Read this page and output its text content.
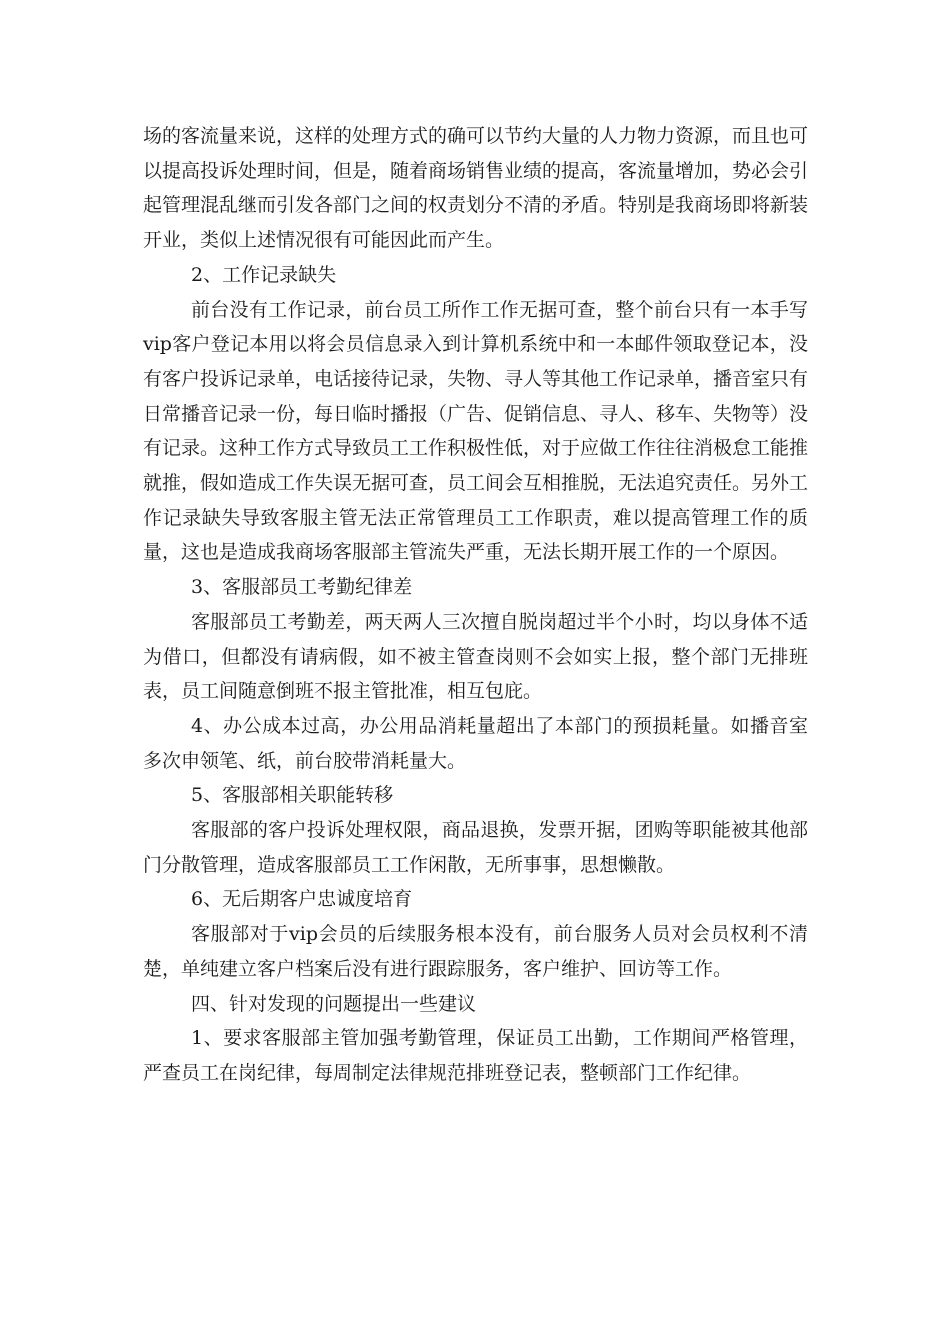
场的客流量来说，这样的处理方式的确可以节约大量的人力物力资源，而且也可以提高投诉处理时间，但是，随着商场销售业绩的提高，客流量增加，势必会引起管理混乱继而引发各部门之间的权责划分不清的矛盾。特别是我商场即将新装开业，类似上述情况很有可能因此而产生。

2、工作记录缺失

前台没有工作记录，前台员工所作工作无据可查，整个前台只有一本手写vip客户登记本用以将会员信息录入到计算机系统中和一本邮件领取登记本，没有客户投诉记录单，电话接待记录，失物、寻人等其他工作记录单，播音室只有日常播音记录一份，每日临时播报（广告、促销信息、寻人、移车、失物等）没有记录。这种工作方式导致员工工作积极性低，对于应做工作往往消极怠工能推就推，假如造成工作失误无据可查，员工间会互相推脱，无法追究责任。另外工作记录缺失导致客服主管无法正常管理员工工作职责，难以提高管理工作的质量，这也是造成我商场客服部主管流失严重，无法长期开展工作的一个原因。

3、客服部员工考勤纪律差

客服部员工考勤差，两天两人三次擅自脱岗超过半个小时，均以身体不适为借口，但都没有请病假，如不被主管查岗则不会如实上报，整个部门无排班表，员工间随意倒班不报主管批准，相互包庇。

4、办公成本过高，办公用品消耗量超出了本部门的预损耗量。如播音室多次申领笔、纸，前台胶带消耗量大。

5、客服部相关职能转移

客服部的客户投诉处理权限，商品退换，发票开据，团购等职能被其他部门分散管理，造成客服部员工工作闲散，无所事事，思想懒散。

6、无后期客户忠诚度培育

客服部对于vip会员的后续服务根本没有，前台服务人员对会员权利不清楚，单纯建立客户档案后没有进行跟踪服务，客户维护、回访等工作。

四、针对发现的问题提出一些建议

1、要求客服部主管加强考勤管理，保证员工出勤，工作期间严格管理，严查员工在岗纪律，每周制定法律规范排班登记表，整顿部门工作纪律。
